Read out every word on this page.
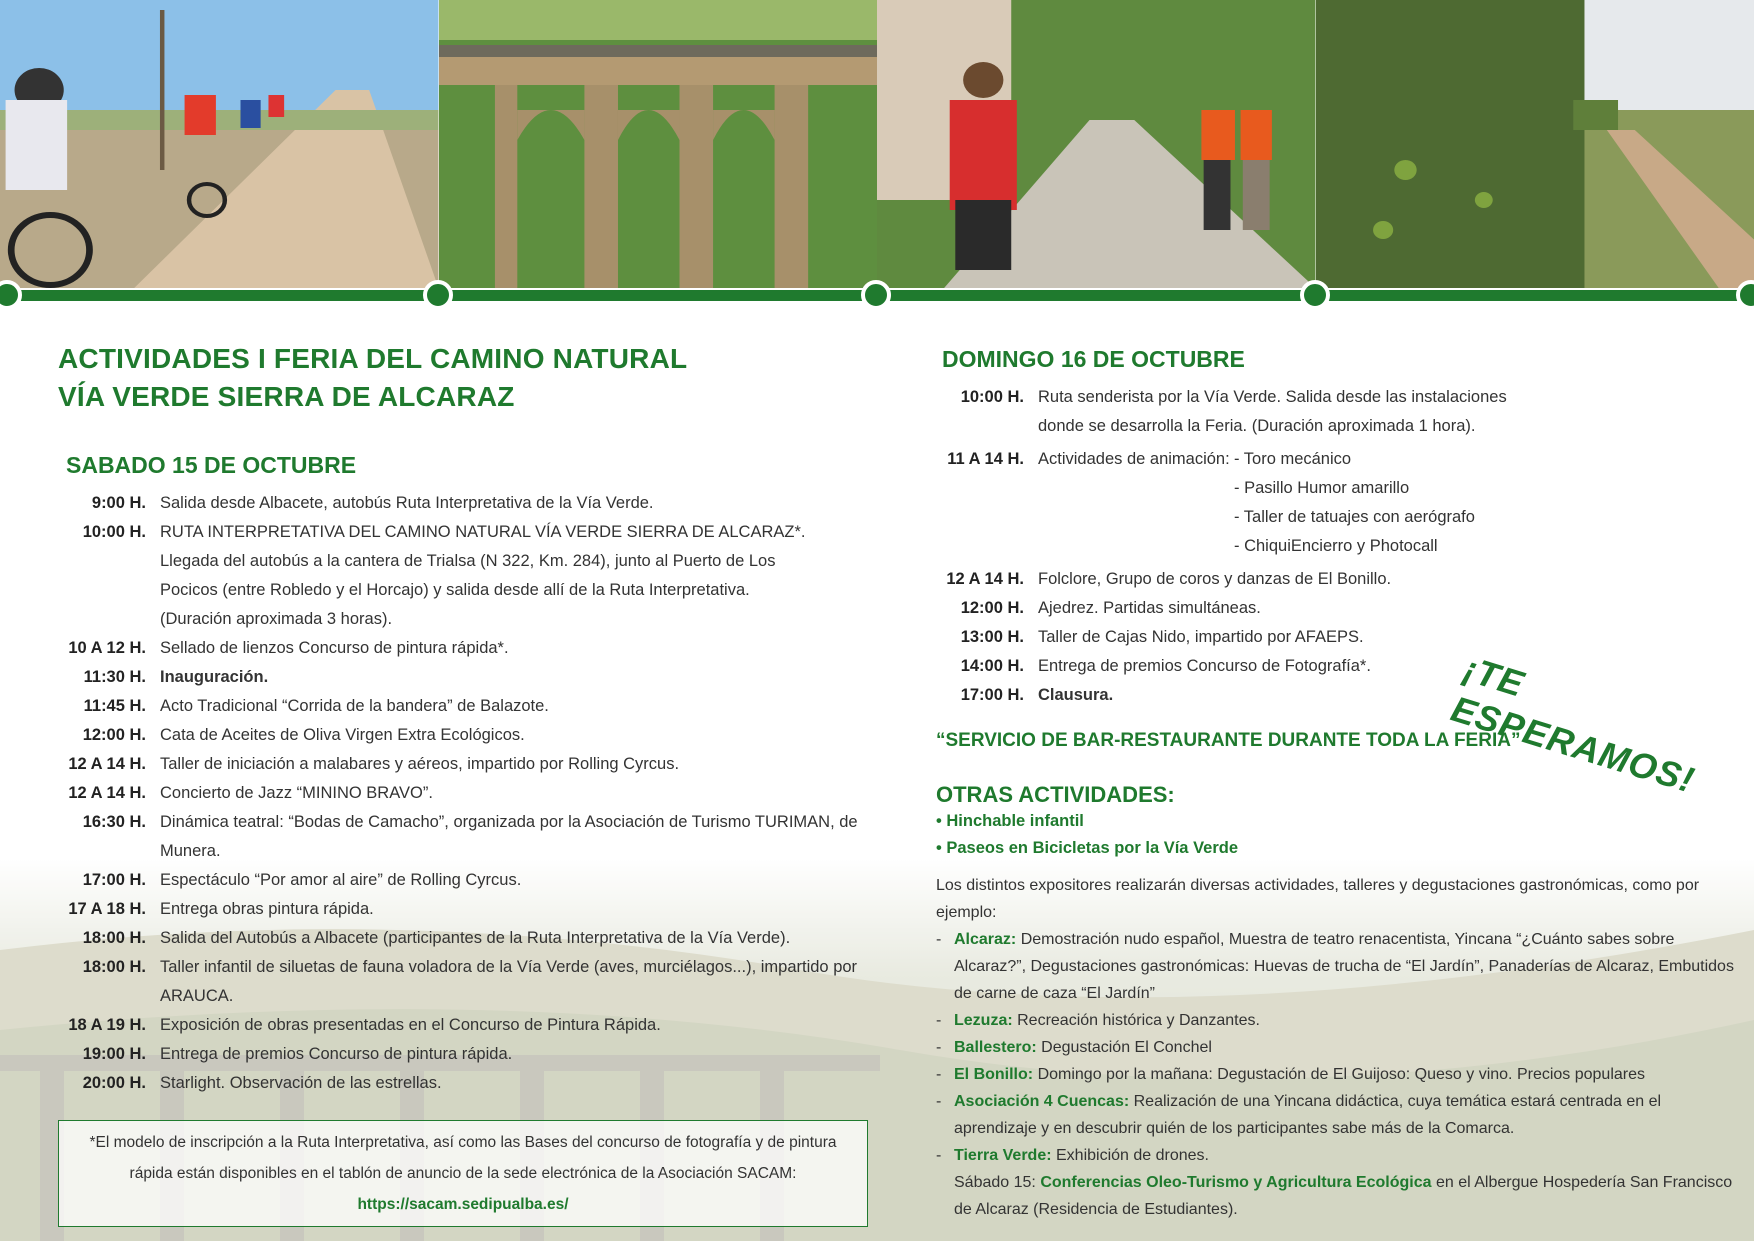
ACTIVIDADES I FERIA DEL CAMINO NATURAL
VÍA VERDE SIERRA DE ALCARAZ
SABADO 15 DE OCTUBRE
9:00 H. Salida desde Albacete, autobús Ruta Interpretativa de la Vía Verde.
10:00 H. RUTA INTERPRETATIVA DEL CAMINO NATURAL VÍA VERDE SIERRA DE ALCARAZ*. Llegada del autobús a la cantera de Trialsa (N 322, Km. 284), junto al Puerto de Los Pocicos (entre Robledo y el Horcajo) y salida desde allí de la Ruta Interpretativa. (Duración aproximada 3 horas).
10 A 12 H. Sellado de lienzos Concurso de pintura rápida*.
11:30 H. Inauguración.
11:45 H. Acto Tradicional “Corrida de la bandera” de Balazote.
12:00 H. Cata de Aceites de Oliva Virgen Extra Ecológicos.
12 A 14 H. Taller de iniciación a malabares y aéreos, impartido por Rolling Cyrcus.
12 A 14 H. Concierto de Jazz “MININO BRAVO”.
16:30 H. Dinámica teatral: “Bodas de Camacho”, organizada por la Asociación de Turismo TURIMAN, de Munera.
17:00 H. Espectáculo “Por amor al aire” de Rolling Cyrcus.
17 A 18 H. Entrega obras pintura rápida.
18:00 H. Salida del Autobús a Albacete (participantes de la Ruta Interpretativa de la Vía Verde).
18:00 H. Taller infantil de siluetas de fauna voladora de la Vía Verde (aves, murciélagos...), impartido por ARAUCA.
18 A 19 H. Exposición de obras presentadas en el Concurso de Pintura Rápida.
19:00 H. Entrega de premios Concurso de pintura rápida.
20:00 H. Starlight. Observación de las estrellas.
*El modelo de inscripción a la Ruta Interpretativa, así como las Bases del concurso de fotografía y de pintura rápida están disponibles en el tablón de anuncio de la sede electrónica de la Asociación SACAM: https://sacam.sedipualba.es/
DOMINGO 16 DE OCTUBRE
10:00 H. Ruta senderista por la Vía Verde. Salida desde las instalaciones donde se desarrolla la Feria. (Duración aproximada 1 hora).
11 A 14 H. Actividades de animación: - Toro mecánico
- Pasillo Humor amarillo
- Taller de tatuajes con aerógrafo
- ChiquiEncierro y Photocall
12 A 14 H. Folclore, Grupo de coros y danzas de El Bonillo.
12:00 H. Ajedrez. Partidas simultáneas.
13:00 H. Taller de Cajas Nido, impartido por AFAEPS.
14:00 H. Entrega de premios Concurso de Fotografía*.
17:00 H. Clausura.
“SERVICIO DE BAR-RESTAURANTE DURANTE TODA LA FERIA”
OTRAS ACTIVIDADES:
• Hinchable infantil
• Paseos en Bicicletas por la Vía Verde
Los distintos expositores realizarán diversas actividades, talleres y degustaciones gastronómicas, como por ejemplo:
- Alcaraz: Demostración nudo español, Muestra de teatro renacentista, Yincana “¿Cuánto sabes sobre Alcaraz?”, Degustaciones gastronómicas: Huevas de trucha de “El Jardín”, Panaderías de Alcaraz, Embutidos de carne de caza “El Jardín”
- Lezuza: Recreación histórica y Danzantes.
- Ballestero: Degustación El Conchel
- El Bonillo: Domingo por la mañana: Degustación de El Guijoso: Queso y vino. Precios populares
- Asociación 4 Cuencas: Realización de una Yincana didáctica, cuya temática estará centrada en el aprendizaje y en descubrir quién de los participantes sabe más de la Comarca.
- Tierra Verde: Exhibición de drones.
Sábado 15: Conferencias Oleo-Turismo y Agricultura Ecológica en el Albergue Hospedería San Francisco de Alcaraz (Residencia de Estudiantes).
¡TE ESPERAMOS!
